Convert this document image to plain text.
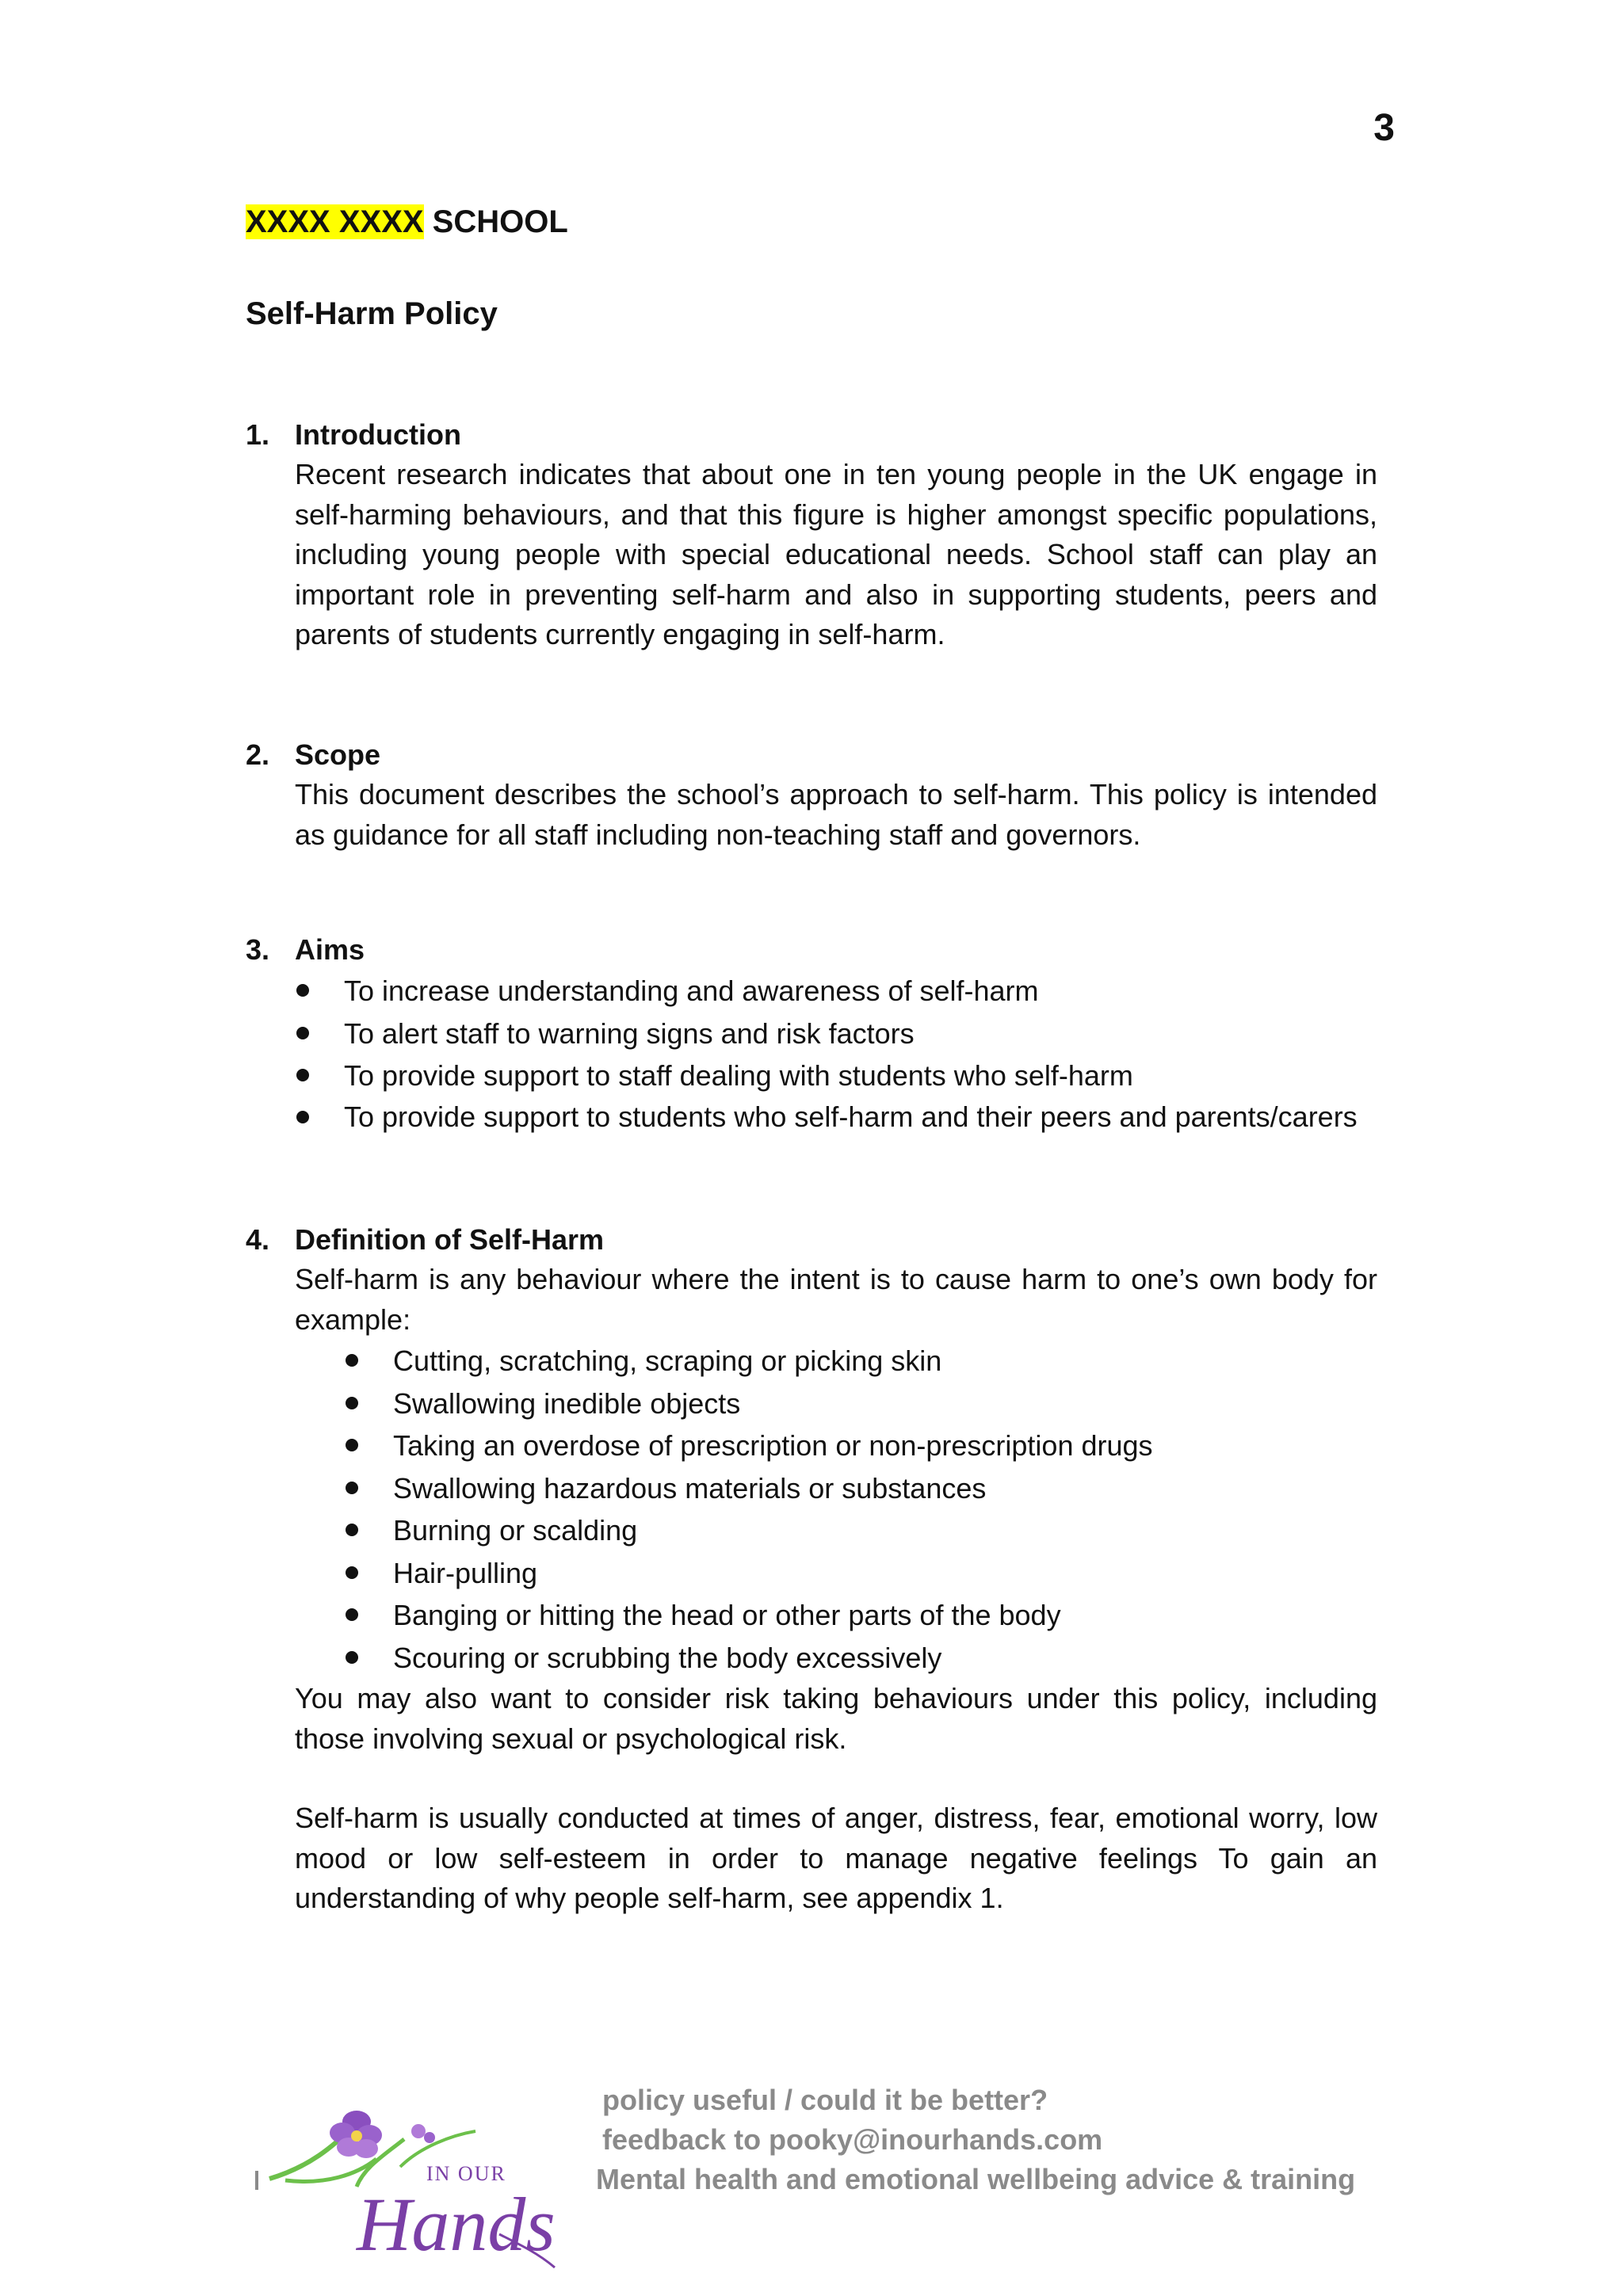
3
XXXX XXXX SCHOOL
Self-Harm Policy
1. Introduction
Recent research indicates that about one in ten young people in the UK engage in self-harming behaviours, and that this figure is higher amongst specific populations, including young people with special educational needs. School staff can play an important role in preventing self-harm and also in supporting students, peers and parents of students currently engaging in self-harm.
2. Scope
This document describes the school’s approach to self-harm. This policy is intended as guidance for all staff including non-teaching staff and governors.
3. Aims
To increase understanding and awareness of self-harm
To alert staff to warning signs and risk factors
To provide support to staff dealing with students who self-harm
To provide support to students who self-harm and their peers and parents/carers
4. Definition of Self-Harm
Self-harm is any behaviour where the intent is to cause harm to one’s own body for example:
Cutting, scratching, scraping or picking skin
Swallowing inedible objects
Taking an overdose of prescription or non-prescription drugs
Swallowing hazardous materials or substances
Burning or scalding
Hair-pulling
Banging or hitting the head or other parts of the body
Scouring or scrubbing the body excessively
You may also want to consider risk taking behaviours under this policy, including those involving sexual or psychological risk.
Self-harm is usually conducted at times of anger, distress, fear, emotional worry, low mood or low self-esteem in order to manage negative feelings To gain an understanding of why people self-harm, see appendix 1.
policy useful / could it be better?
feedback to pooky@inourhands.com
Mental health and emotional wellbeing advice & training
IN OUR
Hands
